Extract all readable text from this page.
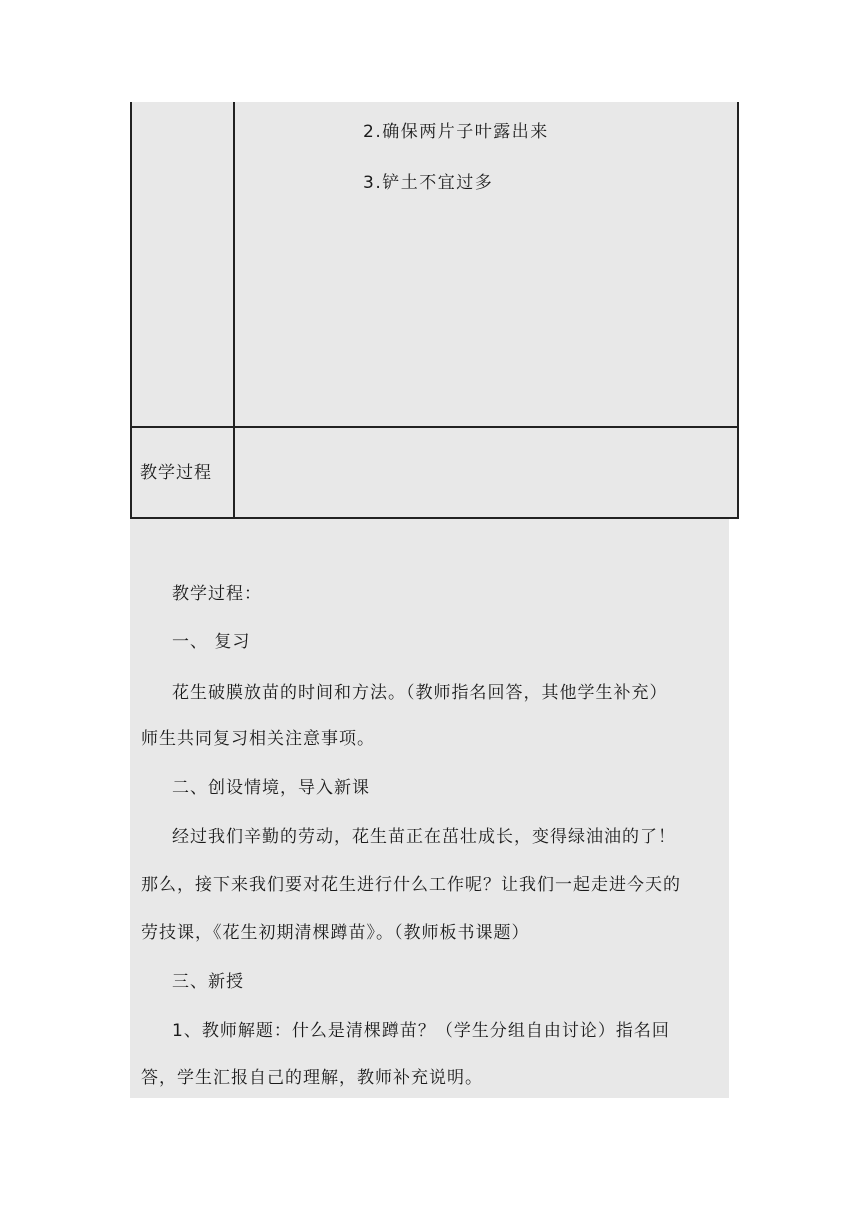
2.确保两片子叶露出来
3.铲土不宜过多
教学过程
教学过程：
一、 复习
花生破膜放苗的时间和方法。（教师指名回答，其他学生补充）
师生共同复习相关注意事项。
二、创设情境，导入新课
经过我们辛勤的劳动，花生苗正在茁壮成长，变得绿油油的了！
那么，接下来我们要对花生进行什么工作呢？让我们一起走进今天的
劳技课，《花生初期清棵蹲苗》。（教师板书课题）
三、新授
1、教师解题：什么是清棵蹲苗？（学生分组自由讨论）指名回
答，学生汇报自己的理解，教师补充说明。
